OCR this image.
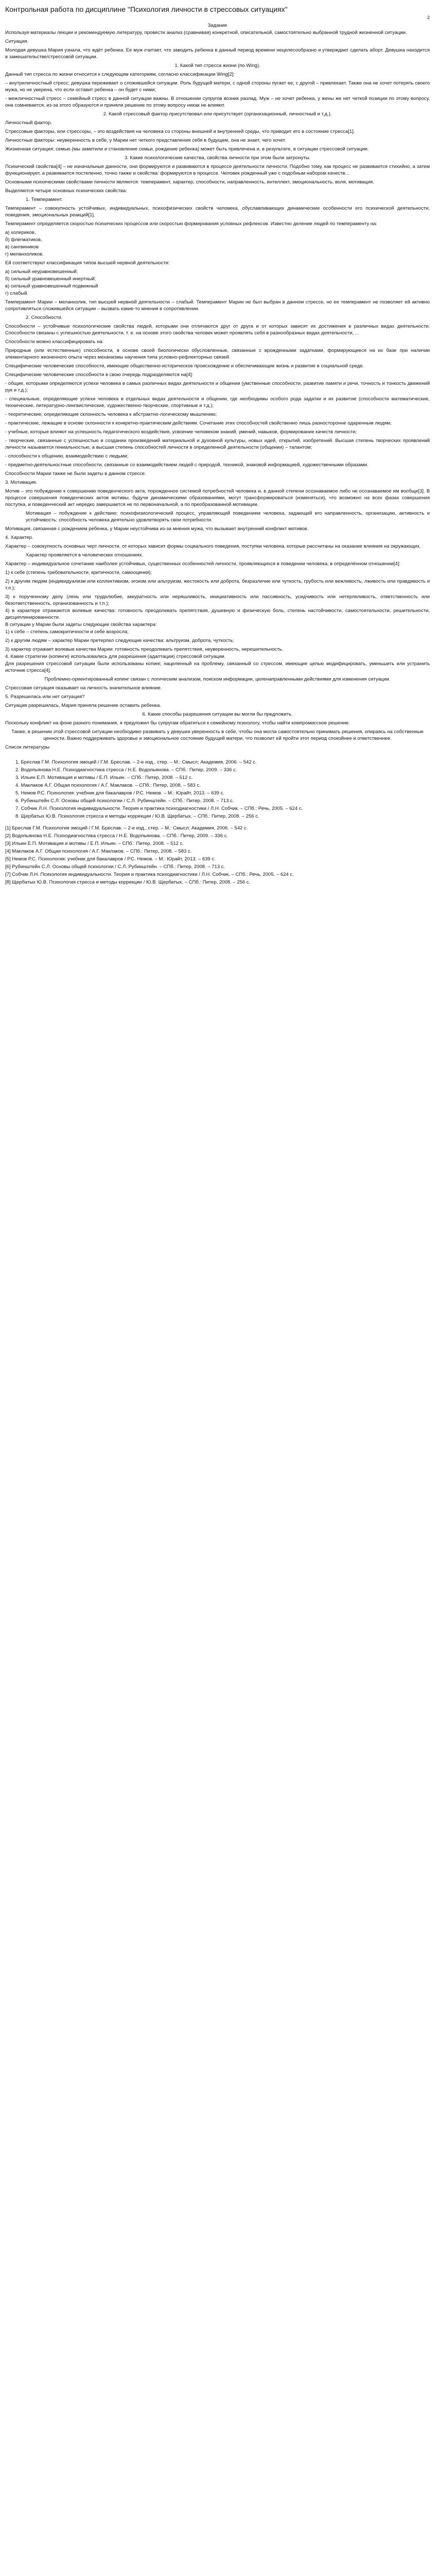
Контрольная работа по дисциплине "Психология личности в стрессовых ситуациях"
2
Задание

Используя материалы лекции и рекомендуемую литературу, провести анализ (сравнивая) конкретной, описательной, самостоятельно выбранной трудной жизненной ситуации.

Ситуация.

Молодая девушка Мария узнала, что ждёт ребенка. Ее муж считает, что заводить ребенка в данный период времени нецелесообразно и утверждает сделать аборт. Девушка находится в замешательстве/стрессовой ситуации.

1. Какой тип стресса жизни (по Wing).

Данный тип стресса по жизни относится к следующим категориям, согласно классификации Wing[2]:

– внутриличностный стресс; девушка переживает о сложившейся ситуации. Роль будущей матери, с одной стороны пугает ее, с другой – привлекает. Также она не хочет потерять своего мужа, но не уверена, что если оставит ребенка – он будет с ними;

- межличностный стресс – семейный стресс в данной ситуации важны. В отношении супругов возник разлад. Муж – не хочет ребенка, у жены же нет четкой позиции по этому вопросу, она сомневается, из-за этого образуются и приняли решение по этому вопросу никак не влияют.

2. Какой стрессовый фактор присутствовал или присутствует (организационный, личностный и т.д.).

Личностный фактор.

Стрессовые факторы, или стрессоры, – это воздействия на человека со стороны внешней и внутренней среды, что приводит его в состояние стресса[1].

Личностные факторы: неуверенность в себе, у Марии нет четкого представления себя в будущем, она не знает, чего хочет.

Жизненная ситуация: семью (мы заметили и становление семьи, рождение ребенка) может быть привлечена и, в результате, в ситуации стрессовой ситуации.

3. Какие психологические качества, свойства личности при этом были затронуты.

Психический свойства[4] – не изначальные данности, они формируются и развиваются в процессе деятельности личности. Подобно тому, как процесс не развивается стихийно, а затем функционирует, а развивается постепенно, точно также и свойства: формируются в процессе. Человек рожденный уже с подобным набором качеств...

Основными психическими свойствами личности являются: темперамент, характер, способности, направленность, интеллект, эмоциональность, воля, мотивация.

Выделяются четыре основных психических свойства:

1. Темперамент.

Темперамент – совокупность устойчивых, индивидуальных, психофизических свойств человека, обуславливающих динамические особенности его психической деятельности, поведения, эмоциональных реакций[1].

Темперамент определяется скоростью психических процессов или скоростью формирования условных рефлексов. Известно деление людей по темпераменту на:

а) холериков,
б) флегматиков,
в) сангвиников
г) меланхоликов.

Ей соответствуют классификация типов высшей нервной деятельности:

а) сильный неуравновешенный;
б) сильный уравновешенный инертный;
в) сильный уравновешенный подвижный
г) слабый.

Темперамент Марии – меланхолик, тип высшей нервной деятельности – слабый. Темперамент Марии не был выбран в данном стрессе, но ее темперамент не позволяет ей активно сопротивляться сложившейся ситуации – вызвать какие-то мнения в сопротивлении.

2. Способности.

Способности – устойчивые психологические свойства людей, которыми они отличаются друг от друга и от которых зависят их достижения в различных видах деятельности. Способности связаны с успешностью деятельности, т. е. на основе этого свойства человек может проявлять себя в разнообразных видах деятельности, ...

Способности можно классифицировать на:

Природные (или естественные) способности, в основе своей биологически обусловленные, связанные с врожденными задатками, формирующиеся на их базе при наличии элементарного жизненного опыта через механизмы научения типа условно-рефлекторных связей.

Специфические человеческие способности, имеющие общественно-историческое происхождение и обеспечивающие жизнь и развитие в социальной среде.

Специфические человеческие способности в свою очередь подразделяются на[4]:

- общие, которыми определяются успехи человека в самых различных видах деятельности и общении (умственные способности, развитие памяти и речи, точность и тонкость движений рук и т.д.);

- специальные, определяющие успехи человека в отдельных видах деятельности и общении, где необходимы особого рода задатки и их развитие (способности математические, технические, литературно-лингвистические, художественно-творческие, спортивные и т.д.);

- теоретические, определяющие склонность человека к абстрактно-логическому мышлению;

- практические, лежащие в основе склонности к конкретно-практическим действиям. Сочетание этих способностей свойственно лишь разносторонне одаренным людям;

- учебные, которые влияют на успешность педагогического воздействия, усвоение человеком знаний, умений, навыков, формирование качеств личности;

- творческие, связанные с успешностью в создании произведений материальной и духовной культуры, новых идей, открытий, изобретений. Высшая степень творческих проявлений личности называется гениальностью, а высшая степень способностей личности в определенной деятельности (общении) – талантом;

- способности к общению, взаимодействию с людьми;

- предметно-деятельностные способности, связанные со взаимодействием людей с природой, техникой, знаковой информацией, художественными образами.

Способности Марии также не были задеты в данном стрессе.

3. Мотивация.

Мотив – это побуждение к совершению поведенческого акта, порожденное системой потребностей человека и, в данной степени осознаваемое либо не осознаваемое им вообще[3]. В процессе совершения поведенческих актов мотивы, будучи динамическими образованиями, могут трансформироваться (изменяться), что возможно на всех фазах совершения поступка, и поведенческий акт нередко завершается не по первоначальной, а по преобразованной мотивации.

Мотивация – побуждение к действию; психофизиологический процесс, управляющий поведением человека, задающий его направленность, организацию, активность и устойчивость; способность человека деятельно удовлетворять свои потребности.

Мотивация, связанная с рождением ребенка, у Марии неустойчива из-за мнения мужа, что вызывает внутренний конфликт мотивов.

4. Характер.

Характер – совокупность основных черт личности, от которых зависит формы социального поведения, поступки человека, которые рассчитаны на оказание влияния на окружающих.

Характер проявляется в человеческих отношениях.

Характер – индивидуальное сочетание наиболее устойчивых, существенных особенностей личности, проявляющихся в поведении человека, в определённом отношении[4]:

1) к себе (степень требовательности, критичности, самооценки);

2) к другим людям (индивидуализм или коллективизм, эгоизм или альтруизм, жестокость или доброта, безразличие или чуткость, грубость или вежливость, лживость или правдивость и т.п.);

3) к порученному делу (лень или трудолюбие, аккуратность или неряшливость, инициативность или пассивность, усидчивость или нетерпеливость, ответственность или безответственность, организованность и т.п.);
4) в характере отражаются волевые качества: готовность преодолевать препятствия, душевную и физическую боль, степень настойчивости, самостоятельности, решительности, дисциплинированности.
В ситуации у Марии были задеты следующие свойства характера:
1) к себе – степень самокритичности и себе возросла;

2) к другим людям – характер Марии претерпел следующие качества: альтруизм, доброта, чуткость;

3) характер отражает волевые качества Марии: готовность преодолевать препятствия, неуверенность, нерешительность.
4. Какие стратегии (копинги) использовались для разрешения (адаптации) стрессовой ситуации.
Для разрешения стрессовой ситуации были использованы копинг, нацеленный на проблему, связанный со стрессом, имеющие целью модифицировать, уменьшить или устранить источник стресса[4].

Проблемно-ориентированный копинг связан с логическим анализом, поиском информации, целенаправленными действиями для изменения ситуации.

Стрессовая ситуация оказывает на личность значительное влияние.

5. Разрешилась или нет ситуация?

Ситуация разрешилась, Мария приняла решение оставить ребенка.

6. Какие способы разрешения ситуации вы могли бы предложить.

Поскольку конфликт на фоне разного понимания, я предложил бы супругам обратиться к семейному психологу, чтобы найти компромиссное решение.

Также, в решении этой стрессовой ситуации необходимо развивать у девушки уверенность в себе, чтобы она могла самостоятельно принимать решения, опираясь на собственные ценности. Важно поддерживать здоровье и эмоциональное состояние будущей матери, что позволит ей пройти этот период спокойнее и ответственнее.

Список литературы

1. Бреслав Г.М. Психология эмоций / Г.М. Бреслав. – 2-е изд., стер. – М.: Смысл; Академия, 2006. – 542 с.
2. Водопьянова Н.Е. Психодиагностика стресса / Н.Е. Водопьянова. – СПб.: Питер, 2009. – 336 с.
3. Ильин Е.П. Мотивация и мотивы / Е.П. Ильин. – СПб.: Питер, 2008. – 512 с.
4. Маклаков А.Г. Общая психология / А.Г. Маклаков. – СПб.: Питер, 2008. – 583 с.
5. Немов Р.С. Психология: учебник для бакалавров / Р.С. Немов. – М.: Юрайт, 2013. – 639 с.
6. Рубинштейн С.Л. Основы общей психологии / С.Л. Рубинштейн. – СПб.: Питер, 2008. – 713 с.
7. Собчик Л.Н. Психология индивидуальности. Теория и практика психодиагностики / Л.Н. Собчик. – СПб.: Речь, 2005. – 624 с.
8. Щербатых Ю.В. Психология стресса и методы коррекции / Ю.В. Щербатых. – СПб.: Питер, 2008. – 256 с.
[1] Бреслав Г.М. Психология эмоций / Г.М. Бреслав. – 2-е изд., стер. – М.: Смысл; Академия, 2006. – 542 с.
[2] Водопьянова Н.Е. Психодиагностика стресса / Н.Е. Водопьянова. – СПб.: Питер, 2009. – 336 с.
[3] Ильин Е.П. Мотивация и мотивы / Е.П. Ильин. – СПб.: Питер, 2008. – 512 с.
[4] Маклаков А.Г. Общая психология / А.Г. Маклаков. – СПб.: Питер, 2008. – 583 с.
[5] Немов Р.С. Психология: учебник для бакалавров / Р.С. Немов. – М.: Юрайт, 2013. – 639 с.
[6] Рубинштейн С.Л. Основы общей психологии / С.Л. Рубинштейн. – СПб.: Питер, 2008. – 713 с.
[7] Собчик Л.Н. Психология индивидуальности. Теория и практика психодиагностики / Л.Н. Собчик. – СПб.: Речь, 2005. – 624 с.
[8] Щербатых Ю.В. Психология стресса и методы коррекции / Ю.В. Щербатых. – СПб.: Питер, 2008. – 256 с.
